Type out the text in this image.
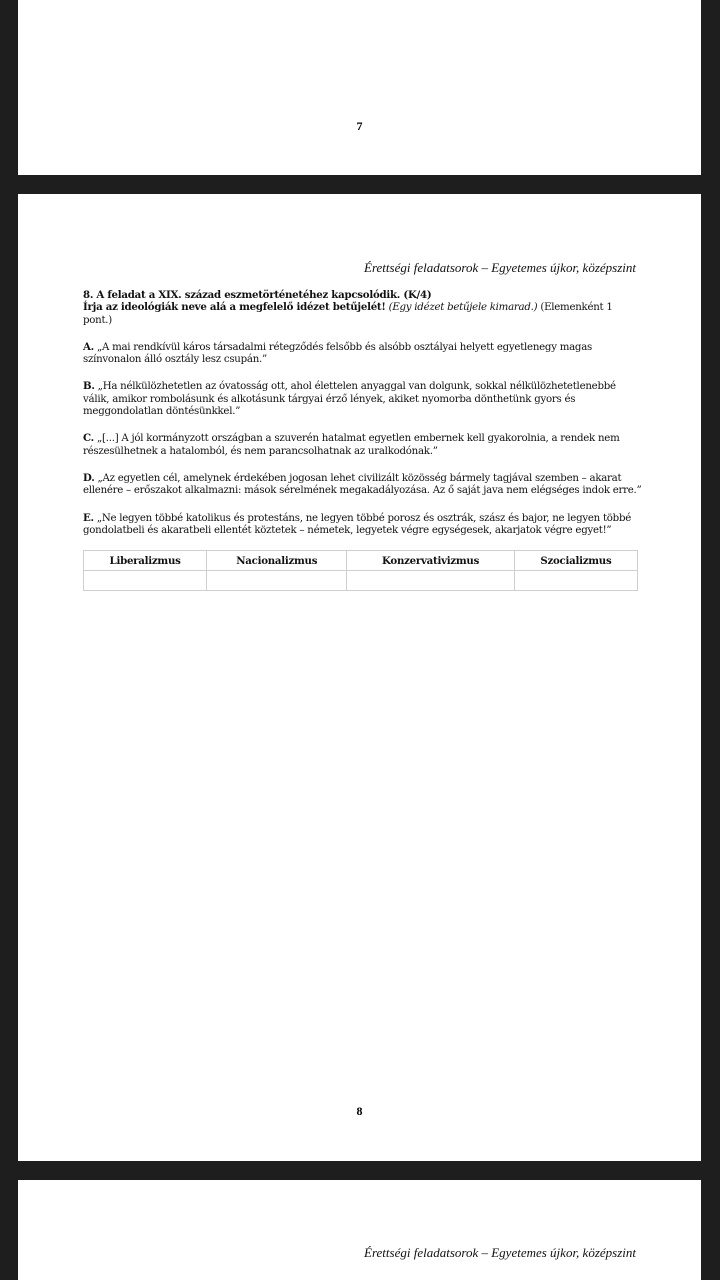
7
Érettségi feladatsorok – Egyetemes újkor, középszint
8. A feladat a XIX. század eszmetörténetéhez kapcsolódik. (K/4)
Írja az ideológiák neve alá a megfelelő idézet betűjelét! (Egy idézet betűjele kimarad.) (Elemenként 1 pont.)
A. „A mai rendkívül káros társadalmi rétegződés felsőbb és alsóbb osztályai helyett egyetlenegy magas színvonalon álló osztály lesz csupán.”
B. „Ha nélkülözhetetlen az óvatosság ott, ahol élettelen anyaggal van dolgunk, sokkal nélkülözhetetlenebbé válik, amikor rombolásunk és alkotásunk tárgyai érző lények, akiket nyomorba dönthetünk gyors és meggondolatlan döntésünkkel.”
C. „[...] A jól kormányzott országban a szuverén hatalmat egyetlen embernek kell gyakorolnia, a rendek nem részesülhetnek a hatalomból, és nem parancsolhatnak az uralkodónak.”
D. „Az egyetlen cél, amelynek érdekében jogosan lehet civilizált közösség bármely tagjával szemben – akarat ellenére – erőszakot alkalmazni: mások sérelmének megakadályozása. Az ő saját java nem elégséges indok erre.”
E. „Ne legyen többé katolikus és protestáns, ne legyen többé porosz és osztrák, szász és bajor, ne legyen többé gondolatbeli és akaratbeli ellentét köztetek – németek, legyetek végre egységesek, akarjatok végre egyet!”
Liberalizmus	Nacionalizmus	Konzervativizmus	Szocializmus

8
Érettségi feladatsorok – Egyetemes újkor, középszint
